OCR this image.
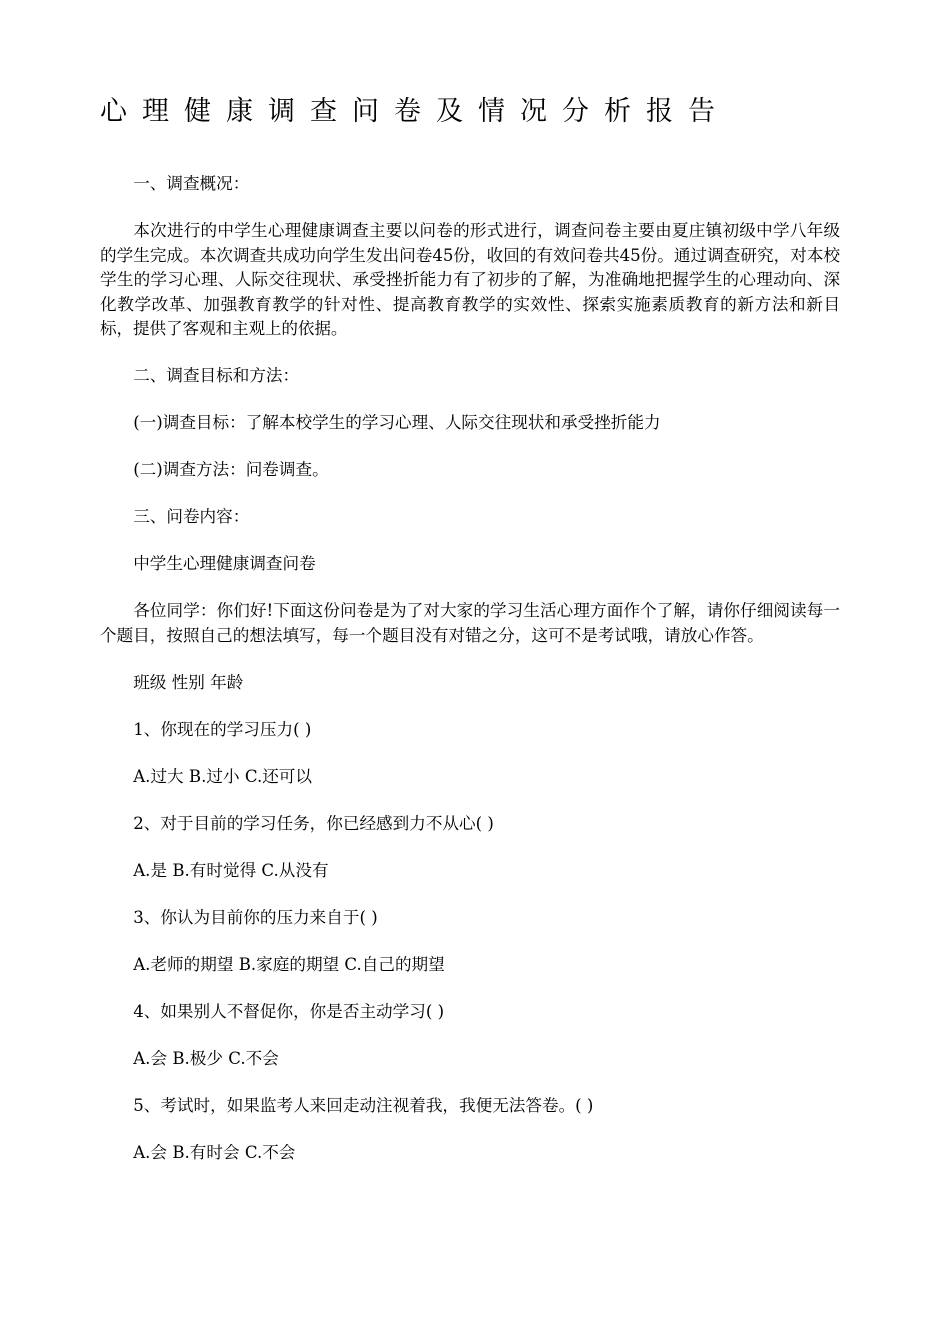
心理健康调查问卷及情况分析报告

一、调查概况：

本次进行的中学生心理健康调查主要以问卷的形式进行，调查问卷主要由夏庄镇初级中学八年级的学生完成。本次调查共成功向学生发出问卷45份，收回的有效问卷共45份。通过调查研究，对本校学生的学习心理、人际交往现状、承受挫折能力有了初步的了解，为准确地把握学生的心理动向、深化教学改革、加强教育教学的针对性、提高教育教学的实效性、探索实施素质教育的新方法和新目标，提供了客观和主观上的依据。

二、调查目标和方法：

(一)调查目标：了解本校学生的学习心理、人际交往现状和承受挫折能力

(二)调查方法：问卷调查。

三、问卷内容：

中学生心理健康调查问卷

各位同学：你们好!下面这份问卷是为了对大家的学习生活心理方面作个了解，请你仔细阅读每一个题目，按照自己的想法填写，每一个题目没有对错之分，这可不是考试哦，请放心作答。

班级 性别 年龄

1、你现在的学习压力( )

A.过大 B.过小 C.还可以

2、对于目前的学习任务，你已经感到力不从心( )

A.是 B.有时觉得 C.从没有

3、你认为目前你的压力来自于( )

A.老师的期望 B.家庭的期望 C.自己的期望

4、如果别人不督促你，你是否主动学习( )

A.会 B.极少 C.不会

5、考试时，如果监考人来回走动注视着我，我便无法答卷。( )

A.会 B.有时会 C.不会
